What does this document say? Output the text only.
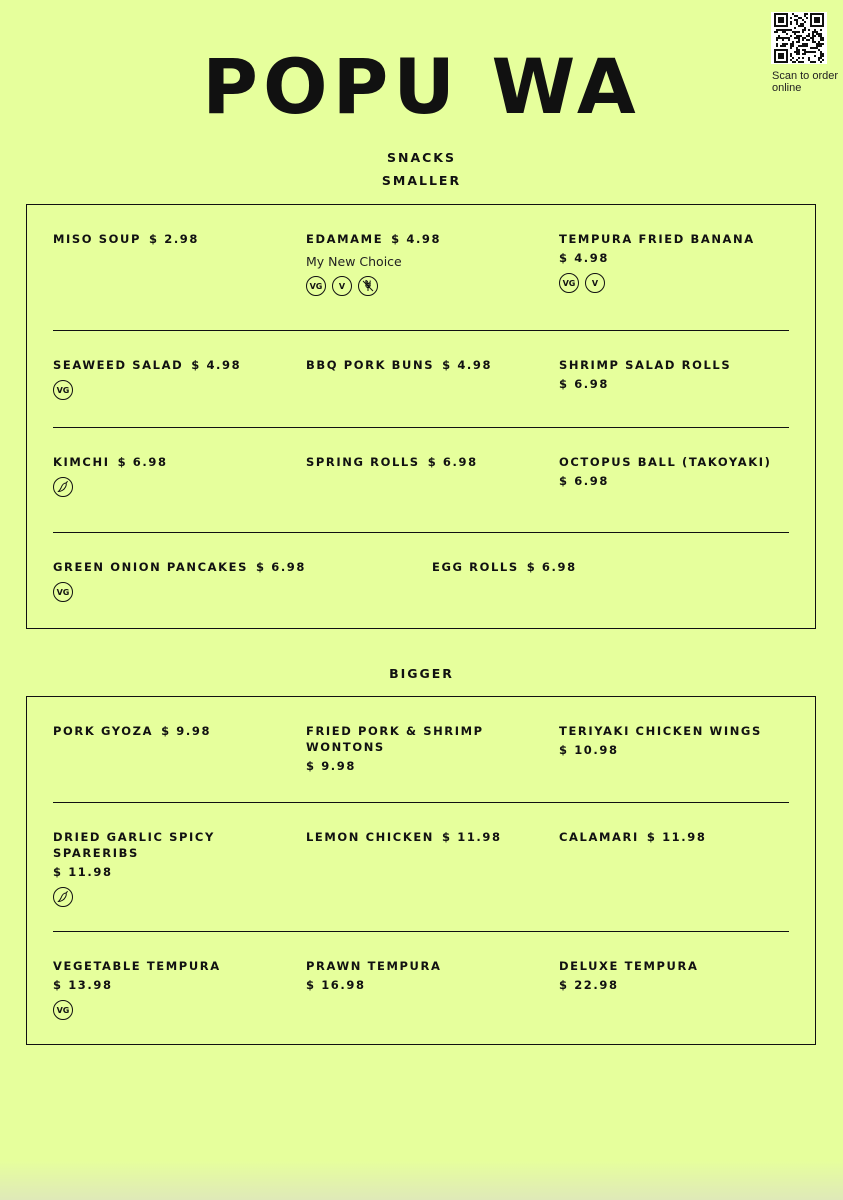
POPU WA	Scan to order online
SNACKS
SMALLER
MISO SOUP $ 2.98	EDAMAME $ 4.98
My New Choice
VG	V
TEMPURA FRIED BANANA
$ 4.98
VG	V
SEAWEED SALAD $ 4.98
VG
BBQ PORK BUNS $ 4.98	SHRIMP SALAD ROLLS
$ 6.98
KIMCHI $ 6.98	SPRING ROLLS $ 6.98	OCTOPUS BALL (TAKOYAKI)
$ 6.98
GREEN ONION PANCAKES $ 6.98
VG
EGG ROLLS $ 6.98
BIGGER
PORK GYOZA $ 9.98	FRIED PORK & SHRIMP WONTONS
$ 9.98
TERIYAKI CHICKEN WINGS
$ 10.98
DRIED GARLIC SPICY SPARERIBS
$ 11.98
LEMON CHICKEN $ 11.98	CALAMARI $ 11.98
VEGETABLE TEMPURA
$ 13.98
VG
PRAWN TEMPURA
$ 16.98
DELUXE TEMPURA
$ 22.98
